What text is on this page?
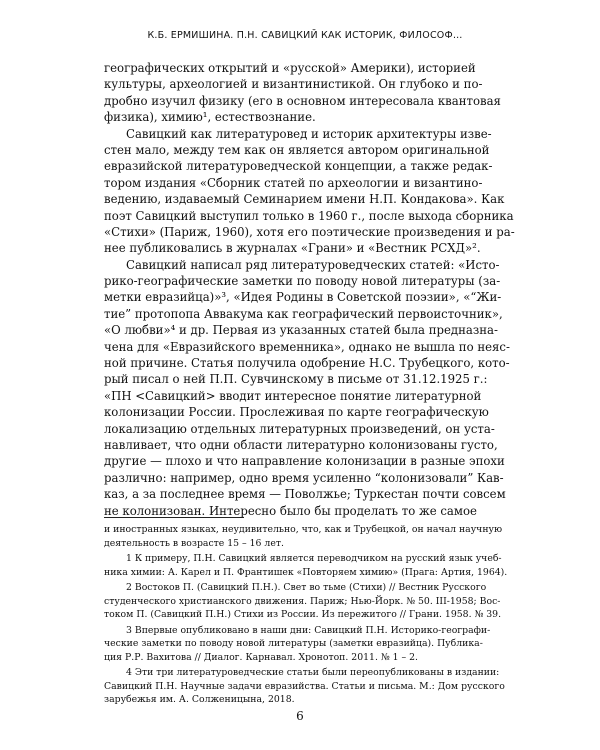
К.Б. ЕРМИШИНА. П.Н. САВИЦКИЙ КАК ИСТОРИК, ФИЛОСОФ…
географических открытий и «русской» Америки), историей
культуры, археологией и византинистикой. Он глубоко и по-
дробно изучил физику (его в основном интересовала квантовая
физика), химию¹, естествознание.
Савицкий как литературовед и историк архитектуры изве-
стен мало, между тем как он является автором оригинальной
евразийской литературоведческой концепции, а также редак-
тором издания «Сборник статей по археологии и византино-
ведению, издаваемый Семинарием имени Н.П. Кондакова». Как
поэт Савицкий выступил только в 1960 г., после выхода сборника
«Стихи» (Париж, 1960), хотя его поэтические произведения и ра-
нее публиковались в журналах «Грани» и «Вестник РСХД»².
Савицкий написал ряд литературоведческих статей: «Исто-
рико-географические заметки по поводу новой литературы (за-
метки евразийца)»³, «Идея Родины в Советской поэзии», «“Жи-
тие” протопопа Аввакума как географический первоисточник»,
«О любви»⁴ и др. Первая из указанных статей была предназна-
чена для «Евразийского временника», однако не вышла по неяс-
ной причине. Статья получила одобрение Н.С. Трубецкого, кото-
рый писал о ней П.П. Сувчинскому в письме от 31.12.1925 г.:
«ПН <Савицкий> вводит интересное понятие литературной
колонизации России. Прослеживая по карте географическую
локализацию отдельных литературных произведений, он уста-
навливает, что одни области литературно колонизованы густо,
другие — плохо и что направление колонизации в разные эпохи
различно: например, одно время усиленно “колонизовали” Кав-
каз, а за последнее время — Поволжье; Туркестан почти совсем
не колонизован. Интересно было бы проделать то же самое
и иностранных языках, неудивительно, что, как и Трубецкой, он начал научную
деятельность в возрасте 15 – 16 лет.
1 К примеру, П.Н. Савицкий является переводчиком на русский язык учеб-
ника химии: А. Карел и П. Франтишек «Повторяем химию» (Прага: Артия, 1964).
2 Востоков П. (Савицкий П.Н.). Свет во тьме (Стихи) // Вестник Русского
студенческого христианского движения. Париж; Нью-Йорк. № 50. III-1958; Вос-
током П. (Савицкий П.Н.) Стихи из России. Из пережитого // Грани. 1958. № 39.
3 Впервые опубликовано в наши дни: Савицкий П.Н. Историко-географи-
ческие заметки по поводу новой литературы (заметки евразийца). Публика-
ция Р.Р. Вахитова // Диалог. Карнавал. Хронотоп. 2011. № 1 – 2.
4 Эти три литературоведческие статьи были переопубликованы в издании:
Савицкий П.Н. Научные задачи евразийства. Статьи и письма. М.: Дом русского
зарубежья им. А. Солженицына, 2018.
6
